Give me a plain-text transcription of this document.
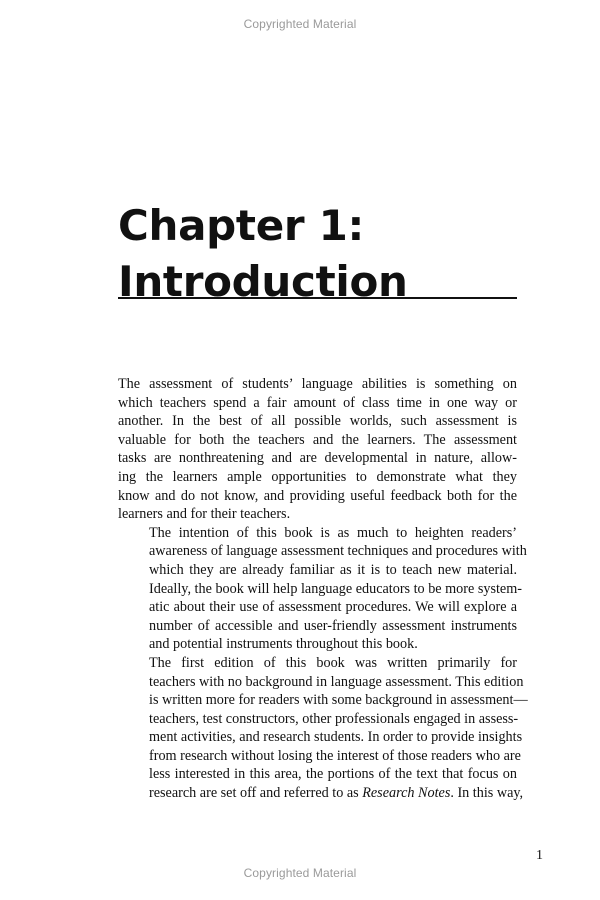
Copyrighted Material
Chapter 1:
Introduction

The assessment of students’ language abilities is something on
which teachers spend a fair amount of class time in one way or
another. In the best of all possible worlds, such assessment is
valuable for both the teachers and the learners. The assessment
tasks are nonthreatening and are developmental in nature, allow-
ing the learners ample opportunities to demonstrate what they
know and do not know, and providing useful feedback both for the
learners and for their teachers.

The intention of this book is as much to heighten readers’
awareness of language assessment techniques and procedures with
which they are already familiar as it is to teach new material.
Ideally, the book will help language educators to be more system-
atic about their use of assessment procedures. We will explore a
number of accessible and user-friendly assessment instruments
and potential instruments throughout this book.

The first edition of this book was written primarily for
teachers with no background in language assessment. This edition
is written more for readers with some background in assessment—
teachers, test constructors, other professionals engaged in assess-
ment activities, and research students. In order to provide insights
from research without losing the interest of those readers who are
less interested in this area, the portions of the text that focus on
research are set off and referred to as Research Notes. In this way,

1
Copyrighted Material
